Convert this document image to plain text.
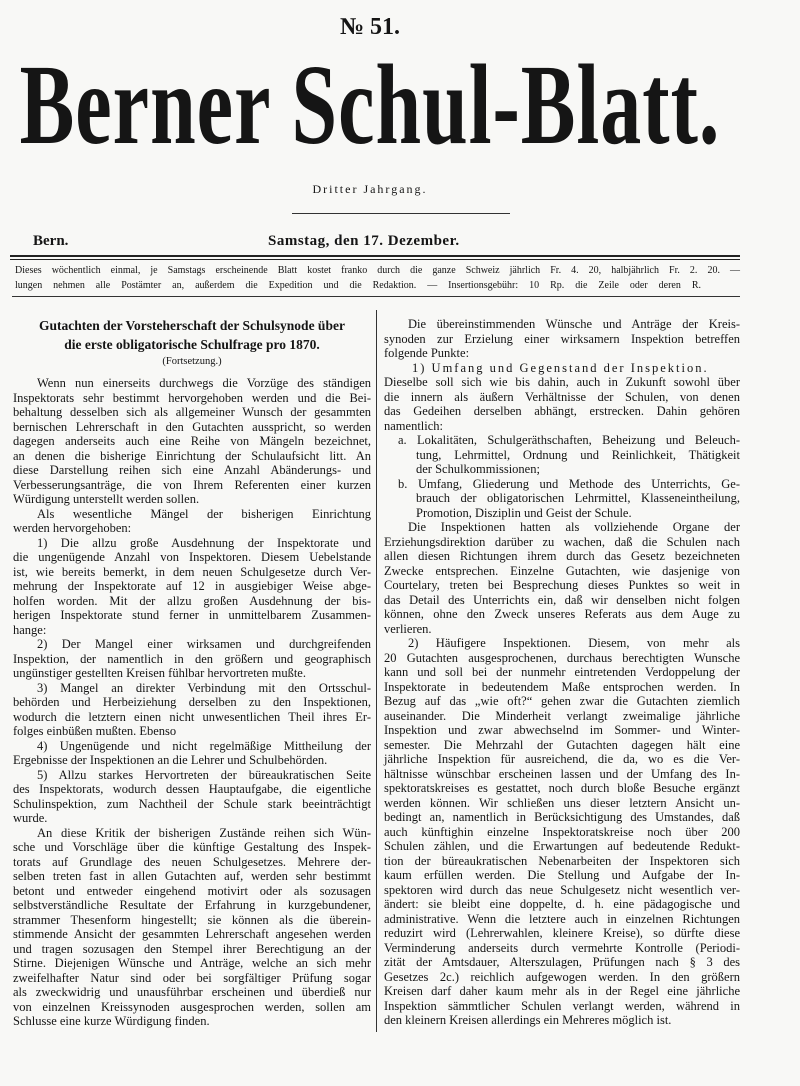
№ 51.
Berner Schul-Blatt.
Dritter Jahrgang.
Bern.	Samstag, den 17. Dezember.
Dieses wöchentlich einmal, je Samstags erscheinende Blatt kostet franko durch die ganze Schweiz jährlich Fr. 4. 20, halbjährlich Fr. 2. 20. —
lungen nehmen alle Postämter an, außerdem die Expedition und die Redaktion. — Insertionsgebühr: 10 Rp. die Zeile oder deren R.
Gutachten der Vorsteherschaft der Schulsynode über
die erste obligatorische Schulfrage pro 1870.
(Fortsetzung.)
Wenn nun einerseits durchwegs die Vorzüge des ständigen
Inspektorats sehr bestimmt hervorgehoben werden und die Bei-
behaltung desselben sich als allgemeiner Wunsch der gesammten
bernischen Lehrerschaft in den Gutachten ausspricht, so werden
dagegen anderseits auch eine Reihe von Mängeln bezeichnet,
an denen die bisherige Einrichtung der Schulaufsicht litt. An
diese Darstellung reihen sich eine Anzahl Abänderungs- und
Verbesserungsanträge, die von Ihrem Referenten einer kurzen
Würdigung unterstellt werden sollen.
Als wesentliche Mängel der bisherigen Einrichtung
werden hervorgehoben:
1) Die allzu große Ausdehnung der Inspektorate und
die ungenügende Anzahl von Inspektoren. Diesem Uebelstande
ist, wie bereits bemerkt, in dem neuen Schulgesetze durch Ver-
mehrung der Inspektorate auf 12 in ausgiebiger Weise abge-
holfen worden. Mit der allzu großen Ausdehnung der bis-
herigen Inspektorate stund ferner in unmittelbarem Zusammen-
hange:
2) Der Mangel einer wirksamen und durchgreifenden
Inspektion, der namentlich in den größern und geographisch
ungünstiger gestellten Kreisen fühlbar hervortreten mußte.
3) Mangel an direkter Verbindung mit den Ortsschul-
behörden und Herbeiziehung derselben zu den Inspektionen,
wodurch die letztern einen nicht unwesentlichen Theil ihres Er-
folges einbüßen mußten. Ebenso
4) Ungenügende und nicht regelmäßige Mittheilung der
Ergebnisse der Inspektionen an die Lehrer und Schulbehörden.
5) Allzu starkes Hervortreten der büreaukratischen Seite
des Inspektorats, wodurch dessen Hauptaufgabe, die eigentliche
Schulinspektion, zum Nachtheil der Schule stark beeinträchtigt
wurde.
An diese Kritik der bisherigen Zustände reihen sich Wün-
sche und Vorschläge über die künftige Gestaltung des Inspek-
torats auf Grundlage des neuen Schulgesetzes. Mehrere der-
selben treten fast in allen Gutachten auf, werden sehr bestimmt
betont und entweder eingehend motivirt oder als sozusagen
selbstverständliche Resultate der Erfahrung in kurzgebundener,
strammer Thesenform hingestellt; sie können als die überein-
stimmende Ansicht der gesammten Lehrerschaft angesehen werden
und tragen sozusagen den Stempel ihrer Berechtigung an der
Stirne. Diejenigen Wünsche und Anträge, welche an sich mehr
zweifelhafter Natur sind oder bei sorgfältiger Prüfung sogar
als zweckwidrig und unausführbar erscheinen und überdieß nur
von einzelnen Kreissynoden ausgesprochen werden, sollen am
Schlusse eine kurze Würdigung finden.
Die übereinstimmenden Wünsche und Anträge der Kreis-
synoden zur Erzielung einer wirksamern Inspektion betreffen
folgende Punkte:
1) Umfang und Gegenstand der Inspektion.
Dieselbe soll sich wie bis dahin, auch in Zukunft sowohl über
die innern als äußern Verhältnisse der Schulen, von denen
das Gedeihen derselben abhängt, erstrecken. Dahin gehören
namentlich:
a. Lokalitäten, Schulgeräthschaften, Beheizung und Beleuch-
tung, Lehrmittel, Ordnung und Reinlichkeit, Thätigkeit
der Schulkommissionen;
b. Umfang, Gliederung und Methode des Unterrichts, Ge-
brauch der obligatorischen Lehrmittel, Klasseneintheilung,
Promotion, Disziplin und Geist der Schule.
Die Inspektionen hatten als vollziehende Organe der
Erziehungsdirektion darüber zu wachen, daß die Schulen nach
allen diesen Richtungen ihrem durch das Gesetz bezeichneten
Zwecke entsprechen. Einzelne Gutachten, wie dasjenige von
Courtelary, treten bei Besprechung dieses Punktes so weit in
das Detail des Unterrichts ein, daß wir denselben nicht folgen
können, ohne den Zweck unseres Referats aus dem Auge zu
verlieren.
2) Häufigere Inspektionen. Diesem, von mehr als
20 Gutachten ausgesprochenen, durchaus berechtigten Wunsche
kann und soll bei der nunmehr eintretenden Verdoppelung der
Inspektorate in bedeutendem Maße entsprochen werden. In
Bezug auf das „wie oft?“ gehen zwar die Gutachten ziemlich
auseinander. Die Minderheit verlangt zweimalige jährliche
Inspektion und zwar abwechselnd im Sommer- und Winter-
semester. Die Mehrzahl der Gutachten dagegen hält eine
jährliche Inspektion für ausreichend, die da, wo es die Ver-
hältnisse wünschbar erscheinen lassen und der Umfang des In-
spektoratskreises es gestattet, noch durch bloße Besuche ergänzt
werden können. Wir schließen uns dieser letztern Ansicht un-
bedingt an, namentlich in Berücksichtigung des Umstandes, daß
auch künftighin einzelne Inspektoratskreise noch über 200
Schulen zählen, und die Erwartungen auf bedeutende Redukt-
tion der büreaukratischen Nebenarbeiten der Inspektoren sich
kaum erfüllen werden. Die Stellung und Aufgabe der In-
spektoren wird durch das neue Schulgesetz nicht wesentlich ver-
ändert: sie bleibt eine doppelte, d. h. eine pädagogische und
administrative. Wenn die letztere auch in einzelnen Richtungen
reduzirt wird (Lehrerwahlen, kleinere Kreise), so dürfte diese
Verminderung anderseits durch vermehrte Kontrolle (Periodi-
zität der Amtsdauer, Alterszulagen, Prüfungen nach § 3 des
Gesetzes 2c.) reichlich aufgewogen werden. In den größern
Kreisen darf daher kaum mehr als in der Regel eine jährliche
Inspektion sämmtlicher Schulen verlangt werden, während in
den kleinern Kreisen allerdings ein Mehreres möglich ist.
